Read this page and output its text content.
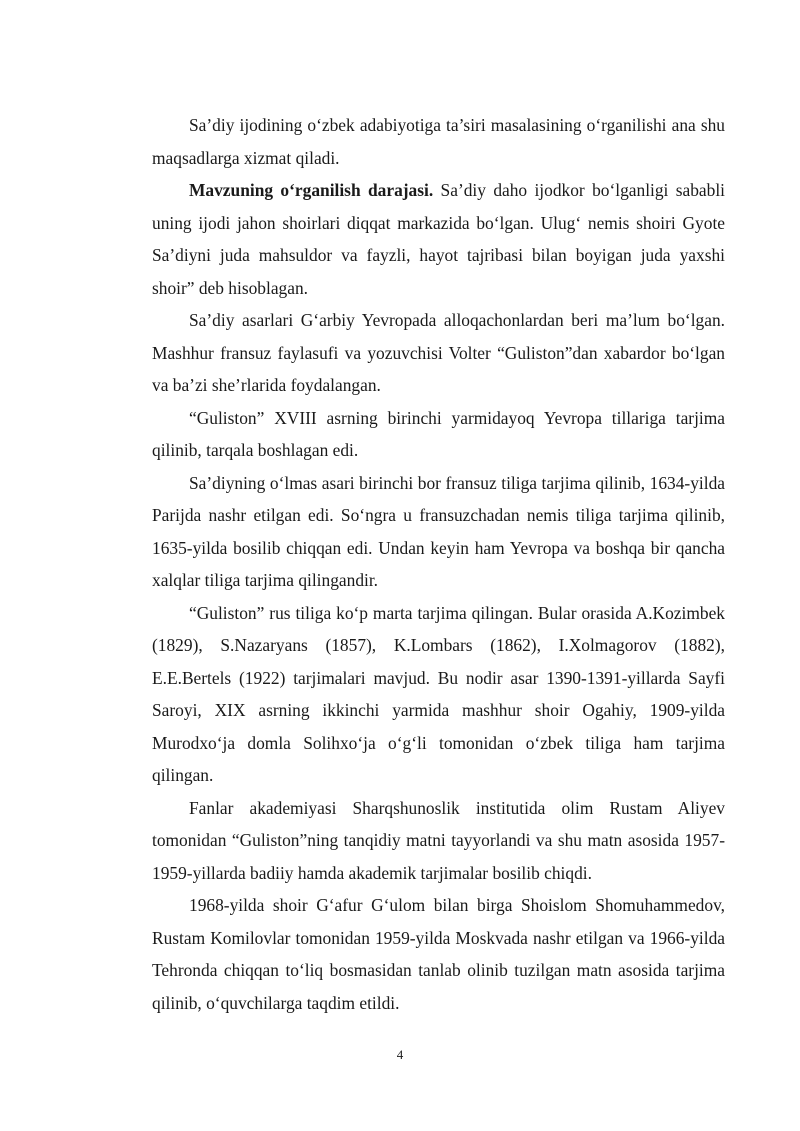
Sa’diy ijodining o‘zbek adabiyotiga ta’siri masalasining o‘rganilishi ana shu maqsadlarga xizmat qiladi.

Mavzuning o‘rganilish darajasi. Sa’diy daho ijodkor bo‘lganligi sababli uning ijodi jahon shoirlari diqqat markazida bo‘lgan. Ulug‘ nemis shoiri Gyote Sa’diyni juda mahsuldor va fayzli, hayot tajribasi bilan boyigan juda yaxshi shoir” deb hisoblagan.

Sa’diy asarlari G‘arbiy Yevropada alloqachonlardan beri ma’lum bo‘lgan. Mashhur fransuz faylasufi va yozuvchisi Volter “Guliston”dan xabardor bo‘lgan va ba’zi she’rlarida foydalangan.

“Guliston” XVIII asrning birinchi yarmidayoq Yevropa tillariga tarjima qilinib, tarqala boshlagan edi.

Sa’diyning o‘lmas asari birinchi bor fransuz tiliga tarjima qilinib, 1634-yilda Parijda nashr etilgan edi. So‘ngra u fransuzchadan nemis tiliga tarjima qilinib, 1635-yilda bosilib chiqqan edi. Undan keyin ham Yevropa va boshqa bir qancha xalqlar tiliga tarjima qilingandir.

“Guliston” rus tiliga ko‘p marta tarjima qilingan. Bular orasida A.Kozimbek (1829), S.Nazaryans (1857), K.Lombars (1862), I.Xolmagorov (1882), E.E.Bertels (1922) tarjimalari mavjud. Bu nodir asar 1390-1391-yillarda Sayfi Saroyi, XIX asrning ikkinchi yarmida mashhur shoir Ogahiy, 1909-yilda Murodxo‘ja domla Solihxo‘ja o‘g‘li tomonidan o‘zbek tiliga ham tarjima qilingan.

Fanlar akademiyasi Sharqshunoslik institutida olim Rustam Aliyev tomonidan “Guliston”ning tanqidiy matni tayyorlandi va shu matn asosida 1957-1959-yillarda badiiy hamda akademik tarjimalar bosilib chiqdi.

1968-yilda shoir G‘afur G‘ulom bilan birga Shoislom Shomuhammedov, Rustam Komilovlar tomonidan 1959-yilda Moskvada nashr etilgan va 1966-yilda Tehronda chiqqan to‘liq bosmasidan tanlab olinib tuzilgan matn asosida tarjima qilinib, o‘quvchilarga taqdim etildi.

4
